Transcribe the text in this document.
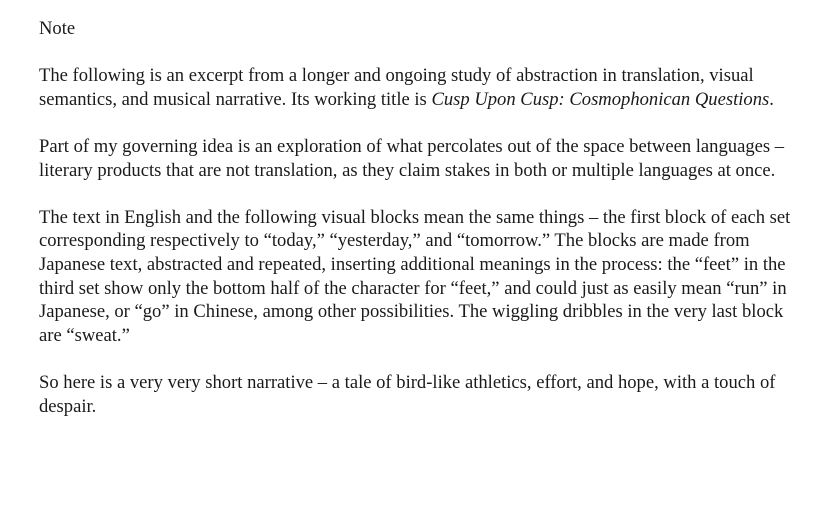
Note

The following is an excerpt from a longer and ongoing study of abstraction in translation, visual semantics, and musical narrative. Its working title is Cusp Upon Cusp: Cosmophonican Questions.

Part of my governing idea is an exploration of what percolates out of the space between languages – literary products that are not translation, as they claim stakes in both or multiple languages at once.

The text in English and the following visual blocks mean the same things – the first block of each set corresponding respectively to “today,” “yesterday,” and “tomorrow.” The blocks are made from Japanese text, abstracted and repeated, inserting additional meanings in the process: the “feet” in the third set show only the bottom half of the character for “feet,” and could just as easily mean “run” in Japanese, or “go” in Chinese, among other possibilities. The wiggling dribbles in the very last block are “sweat.”

So here is a very very short narrative – a tale of bird-like athletics, effort, and hope, with a touch of despair.
